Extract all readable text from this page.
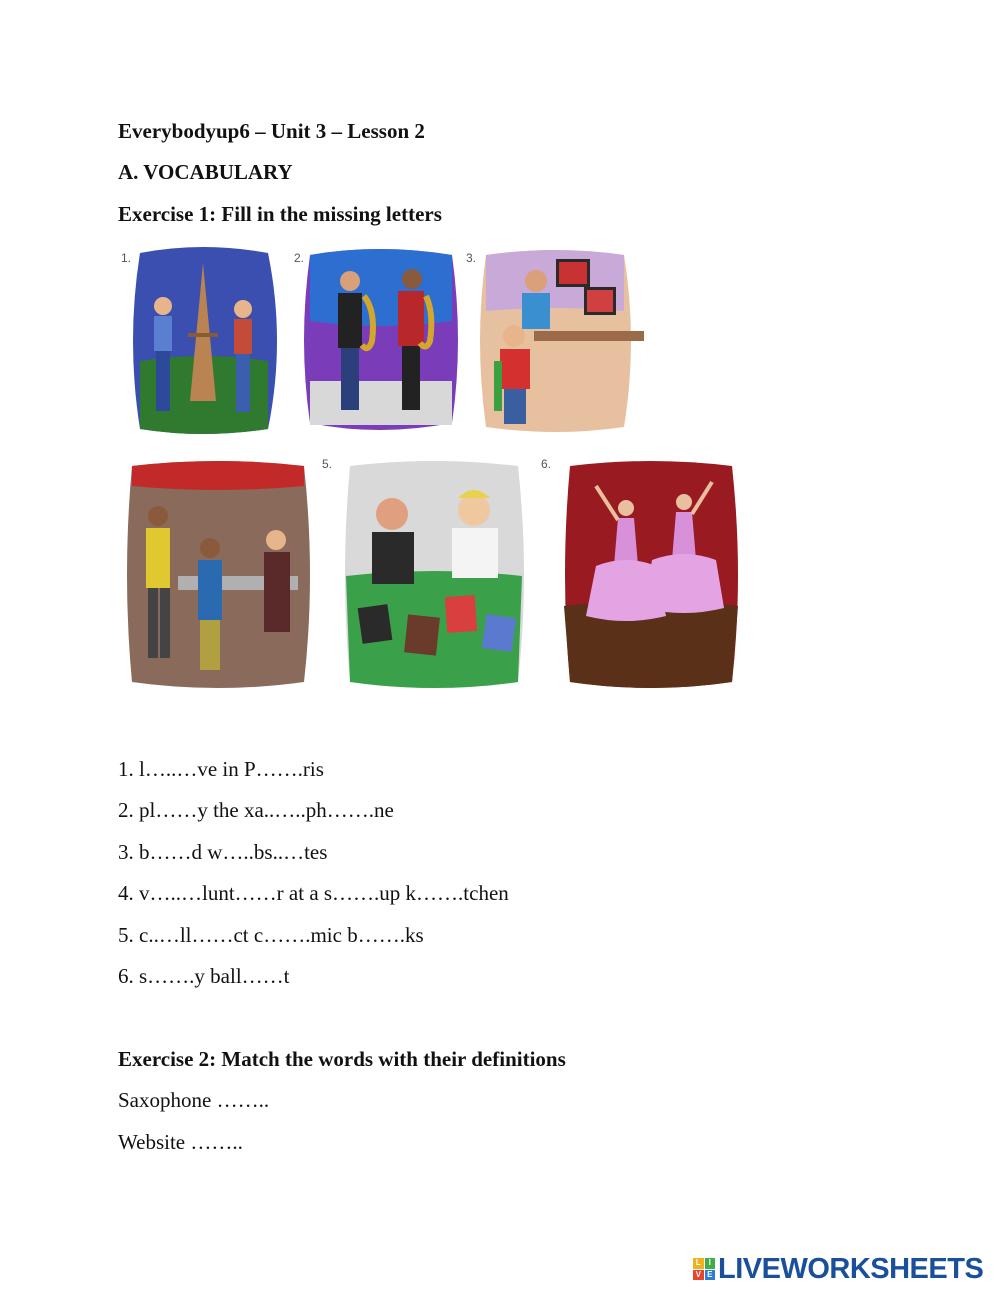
Everybodyup6 – Unit 3 – Lesson 2
A. VOCABULARY
Exercise 1: Fill in the missing letters
1.	2.	3.
5.	6.
1. l…..…ve in P…….ris
2. pl……y the xa..…..ph…….ne
3. b……d w…..bs..…tes
4. v…..…lunt……r at a s…….up k…….tchen
5. c..…ll……ct c…….mic b…….ks
6. s…….y ball……t
Exercise 2: Match the words with their definitions
Saxophone ……..
Website ……..
L I
V E LIVEWORKSHEETS
